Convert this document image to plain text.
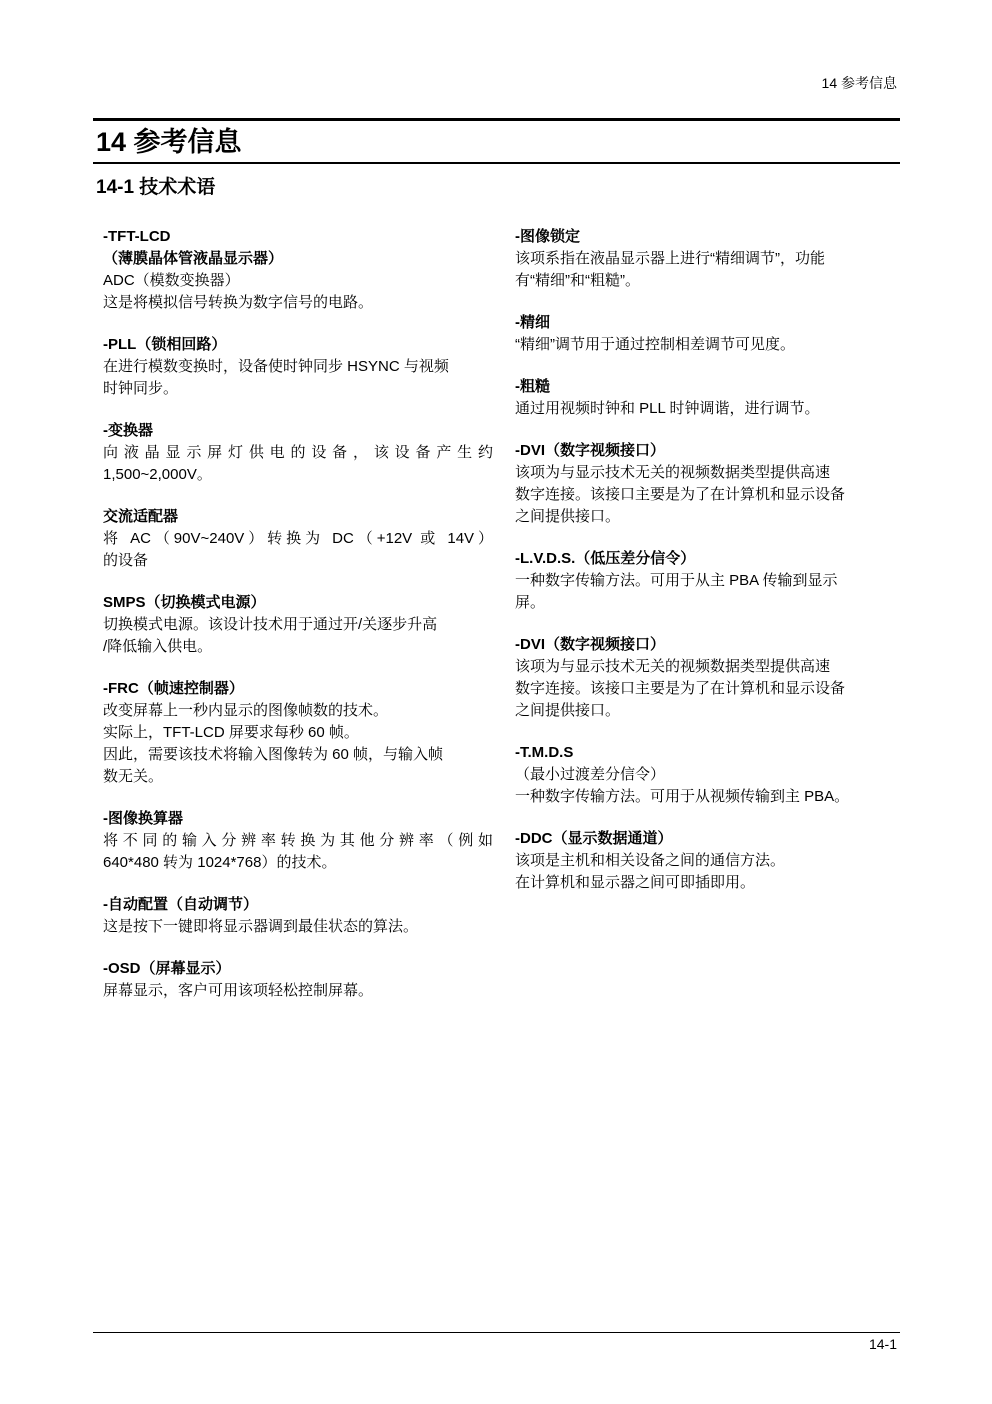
14 参考信息
14 参考信息
14-1 技术术语
-TFT-LCD
（薄膜晶体管液晶显示器）
ADC（模数变换器）
这是将模拟信号转换为数字信号的电路。
-PLL（锁相回路）
在进行模数变换时，设备使时钟同步 HSYNC 与视频
时钟同步。
-变换器
向液晶显示屏灯供电的设备，该设备产生约
1,500~2,000V。
交流适配器
将 AC（90V~240V）转换为 DC（+12V 或 14V）
的设备
SMPS（切换模式电源）
切换模式电源。该设计技术用于通过开/关逐步升高
/降低输入供电。
-FRC（帧速控制器）
改变屏幕上一秒内显示的图像帧数的技术。
实际上，TFT-LCD 屏要求每秒 60 帧。
因此，需要该技术将输入图像转为 60 帧，与输入帧
数无关。
-图像换算器
将不同的输入分辨率转换为其他分辨率（例如
640*480 转为 1024*768）的技术。
-自动配置（自动调节）
这是按下一键即将显示器调到最佳状态的算法。
-OSD（屏幕显示）
屏幕显示，客户可用该项轻松控制屏幕。
-图像锁定
该项系指在液晶显示器上进行“精细调节”，功能
有“精细”和“粗糙”。
-精细
“精细”调节用于通过控制相差调节可见度。
-粗糙
通过用视频时钟和 PLL 时钟调谐，进行调节。
-DVI（数字视频接口）
该项为与显示技术无关的视频数据类型提供高速
数字连接。该接口主要是为了在计算机和显示设备
之间提供接口。
-L.V.D.S.（低压差分信令）
一种数字传输方法。可用于从主 PBA 传输到显示
屏。
-DVI（数字视频接口）
该项为与显示技术无关的视频数据类型提供高速
数字连接。该接口主要是为了在计算机和显示设备
之间提供接口。
-T.M.D.S
（最小过渡差分信令）
一种数字传输方法。可用于从视频传输到主 PBA。
-DDC（显示数据通道）
该项是主机和相关设备之间的通信方法。
在计算机和显示器之间可即插即用。
14-1
